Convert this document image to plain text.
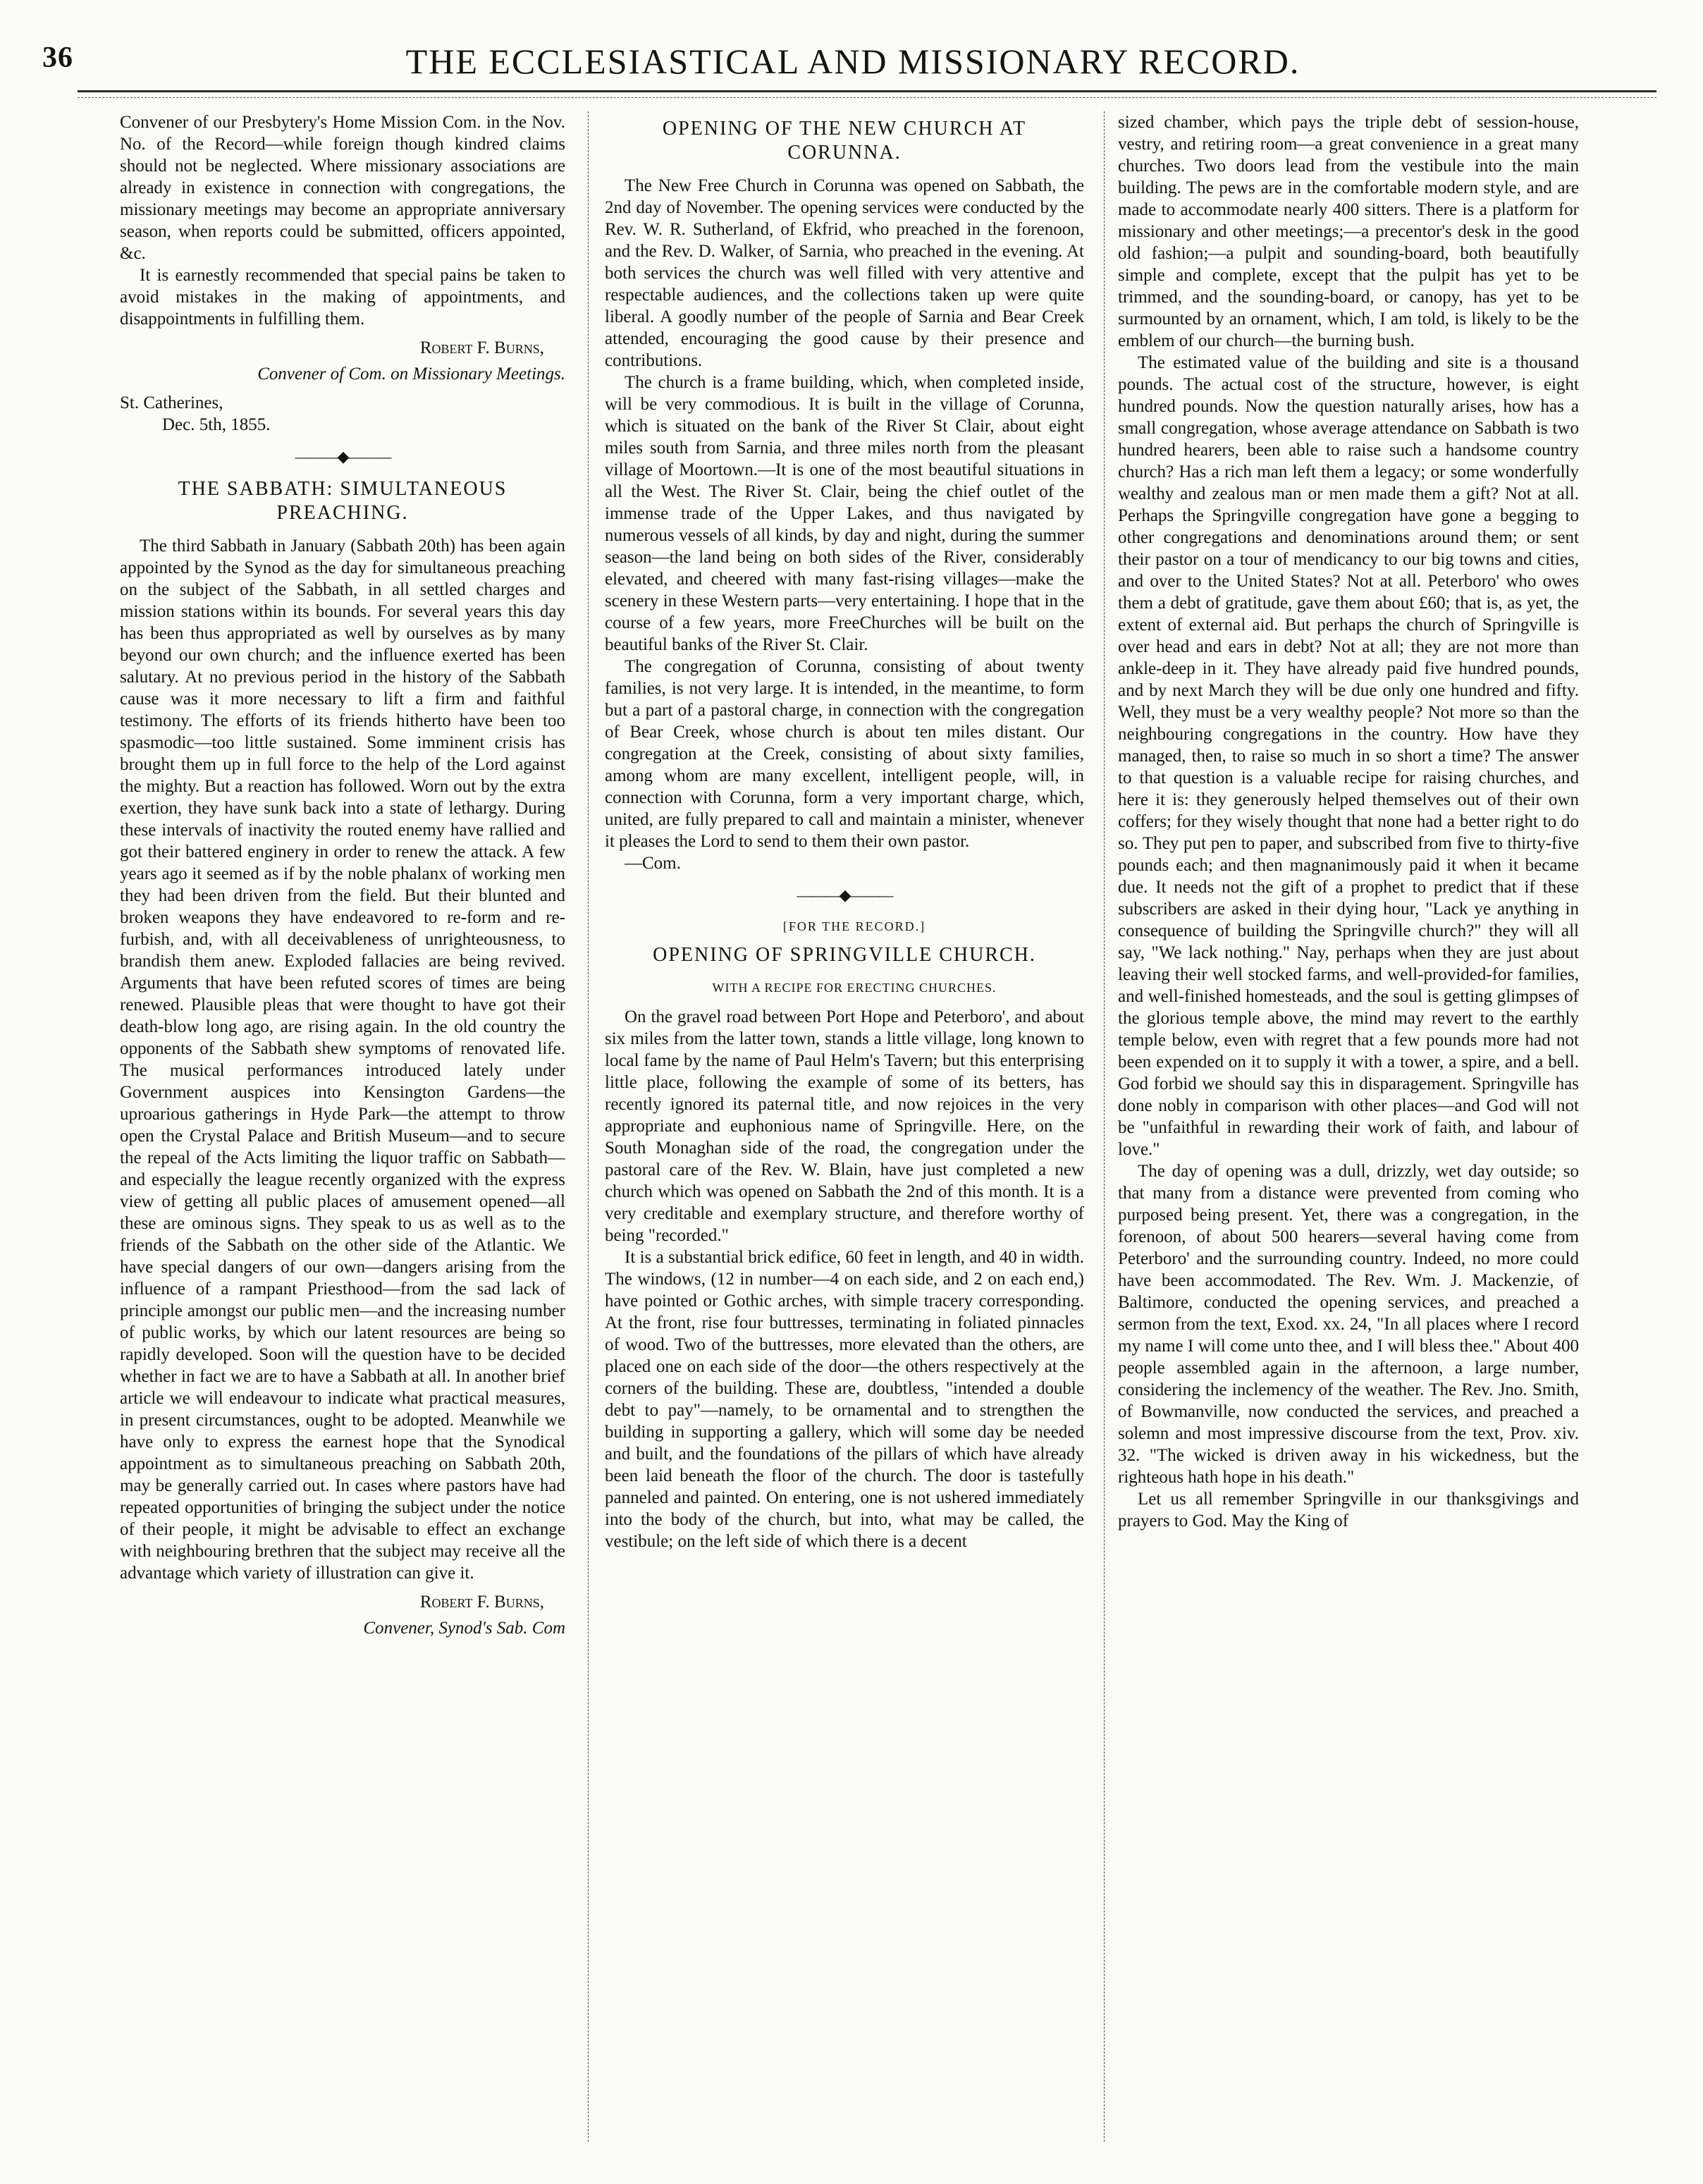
36	THE ECCLESIASTICAL AND MISSIONARY RECORD.

Convener of our Presbytery's Home Mission Com. in the Nov. No. of the Record—while foreign though kindred claims should not be neglected. Where missionary associations are already in existence in connection with congregations, the missionary meetings may become an appropriate anniversary season, when reports could be submitted, officers appointed, &c.

It is earnestly recommended that special pains be taken to avoid mistakes in the making of appointments, and disappointments in fulfilling them.

Robert F. Burns,

Convener of Com. on Missionary Meetings.

St. Catherines,

Dec. 5th, 1855.

———◆———

THE SABBATH: SIMULTANEOUS PREACHING.

The third Sabbath in January (Sabbath 20th) has been again appointed by the Synod as the day for simultaneous preaching on the subject of the Sabbath, in all settled charges and mission stations within its bounds. For several years this day has been thus appropriated as well by ourselves as by many beyond our own church; and the influence exerted has been salutary. At no previous period in the history of the Sabbath cause was it more necessary to lift a firm and faithful testimony. The efforts of its friends hitherto have been too spasmodic—too little sustained. Some imminent crisis has brought them up in full force to the help of the Lord against the mighty. But a reaction has followed. Worn out by the extra exertion, they have sunk back into a state of lethargy. During these intervals of inactivity the routed enemy have rallied and got their battered enginery in order to renew the attack. A few years ago it seemed as if by the noble phalanx of working men they had been driven from the field. But their blunted and broken weapons they have endeavored to re-form and re-furbish, and, with all deceivableness of unrighteousness, to brandish them anew. Exploded fallacies are being revived. Arguments that have been refuted scores of times are being renewed. Plausible pleas that were thought to have got their death-blow long ago, are rising again. In the old country the opponents of the Sabbath shew symptoms of renovated life. The musical performances introduced lately under Government auspices into Kensington Gardens—the uproarious gatherings in Hyde Park—the attempt to throw open the Crystal Palace and British Museum—and to secure the repeal of the Acts limiting the liquor traffic on Sabbath—and especially the league recently organized with the express view of getting all public places of amusement opened—all these are ominous signs. They speak to us as well as to the friends of the Sabbath on the other side of the Atlantic. We have special dangers of our own—dangers arising from the influence of a rampant Priesthood—from the sad lack of principle amongst our public men—and the increasing number of public works, by which our latent resources are being so rapidly developed. Soon will the question have to be decided whether in fact we are to have a Sabbath at all. In another brief article we will endeavour to indicate what practical measures, in present circumstances, ought to be adopted. Meanwhile we have only to express the earnest hope that the Synodical appointment as to simultaneous preaching on Sabbath 20th, may be generally carried out. In cases where pastors have had repeated opportunities of bringing the subject under the notice of their people, it might be advisable to effect an exchange with neighbouring brethren that the subject may receive all the advantage which variety of illustration can give it.

Robert F. Burns,

Convener, Synod's Sab. Com

OPENING OF THE NEW CHURCH AT CORUNNA.

The New Free Church in Corunna was opened on Sabbath, the 2nd day of November. The opening services were conducted by the Rev. W. R. Sutherland, of Ekfrid, who preached in the forenoon, and the Rev. D. Walker, of Sarnia, who preached in the evening. At both services the church was well filled with very attentive and respectable audiences, and the collections taken up were quite liberal. A goodly number of the people of Sarnia and Bear Creek attended, encouraging the good cause by their presence and contributions.

The church is a frame building, which, when completed inside, will be very commodious. It is built in the village of Corunna, which is situated on the bank of the River St Clair, about eight miles south from Sarnia, and three miles north from the pleasant village of Moortown.—It is one of the most beautiful situations in all the West. The River St. Clair, being the chief outlet of the immense trade of the Upper Lakes, and thus navigated by numerous vessels of all kinds, by day and night, during the summer season—the land being on both sides of the River, considerably elevated, and cheered with many fast-rising villages—make the scenery in these Western parts—very entertaining. I hope that in the course of a few years, more FreeChurches will be built on the beautiful banks of the River St. Clair.

The congregation of Corunna, consisting of about twenty families, is not very large. It is intended, in the meantime, to form but a part of a pastoral charge, in connection with the congregation of Bear Creek, whose church is about ten miles distant. Our congregation at the Creek, consisting of about sixty families, among whom are many excellent, intelligent people, will, in connection with Corunna, form a very important charge, which, united, are fully prepared to call and maintain a minister, whenever it pleases the Lord to send to them their own pastor.

—Com.

———◆———

[FOR THE RECORD.]

OPENING OF SPRINGVILLE CHURCH.

WITH A RECIPE FOR ERECTING CHURCHES.

On the gravel road between Port Hope and Peterboro', and about six miles from the latter town, stands a little village, long known to local fame by the name of Paul Helm's Tavern; but this enterprising little place, following the example of some of its betters, has recently ignored its paternal title, and now rejoices in the very appropriate and euphonious name of Springville. Here, on the South Monaghan side of the road, the congregation under the pastoral care of the Rev. W. Blain, have just completed a new church which was opened on Sabbath the 2nd of this month. It is a very creditable and exemplary structure, and therefore worthy of being "recorded."

It is a substantial brick edifice, 60 feet in length, and 40 in width. The windows, (12 in number—4 on each side, and 2 on each end,) have pointed or Gothic arches, with simple tracery corresponding. At the front, rise four buttresses, terminating in foliated pinnacles of wood. Two of the buttresses, more elevated than the others, are placed one on each side of the door—the others respectively at the corners of the building. These are, doubtless, "intended a double debt to pay"—namely, to be ornamental and to strengthen the building in supporting a gallery, which will some day be needed and built, and the foundations of the pillars of which have already been laid beneath the floor of the church. The door is tastefully panneled and painted. On entering, one is not ushered immediately into the body of the church, but into, what may be called, the vestibule; on the left side of which there is a decent

sized chamber, which pays the triple debt of session-house, vestry, and retiring room—a great convenience in a great many churches. Two doors lead from the vestibule into the main building. The pews are in the comfortable modern style, and are made to accommodate nearly 400 sitters. There is a platform for missionary and other meetings;—a precentor's desk in the good old fashion;—a pulpit and sounding-board, both beautifully simple and complete, except that the pulpit has yet to be trimmed, and the sounding-board, or canopy, has yet to be surmounted by an ornament, which, I am told, is likely to be the emblem of our church—the burning bush.

The estimated value of the building and site is a thousand pounds. The actual cost of the structure, however, is eight hundred pounds. Now the question naturally arises, how has a small congregation, whose average attendance on Sabbath is two hundred hearers, been able to raise such a handsome country church? Has a rich man left them a legacy; or some wonderfully wealthy and zealous man or men made them a gift? Not at all. Perhaps the Springville congregation have gone a begging to other congregations and denominations around them; or sent their pastor on a tour of mendicancy to our big towns and cities, and over to the United States? Not at all. Peterboro' who owes them a debt of gratitude, gave them about £60; that is, as yet, the extent of external aid. But perhaps the church of Springville is over head and ears in debt? Not at all; they are not more than ankle-deep in it. They have already paid five hundred pounds, and by next March they will be due only one hundred and fifty. Well, they must be a very wealthy people? Not more so than the neighbouring congregations in the country. How have they managed, then, to raise so much in so short a time? The answer to that question is a valuable recipe for raising churches, and here it is: they generously helped themselves out of their own coffers; for they wisely thought that none had a better right to do so. They put pen to paper, and subscribed from five to thirty-five pounds each; and then magnanimously paid it when it became due. It needs not the gift of a prophet to predict that if these subscribers are asked in their dying hour, "Lack ye anything in consequence of building the Springville church?" they will all say, "We lack nothing." Nay, perhaps when they are just about leaving their well stocked farms, and well-provided-for families, and well-finished homesteads, and the soul is getting glimpses of the glorious temple above, the mind may revert to the earthly temple below, even with regret that a few pounds more had not been expended on it to supply it with a tower, a spire, and a bell. God forbid we should say this in disparagement. Springville has done nobly in comparison with other places—and God will not be "unfaithful in rewarding their work of faith, and labour of love."

The day of opening was a dull, drizzly, wet day outside; so that many from a distance were prevented from coming who purposed being present. Yet, there was a congregation, in the forenoon, of about 500 hearers—several having come from Peterboro' and the surrounding country. Indeed, no more could have been accommodated. The Rev. Wm. J. Mackenzie, of Baltimore, conducted the opening services, and preached a sermon from the text, Exod. xx. 24, "In all places where I record my name I will come unto thee, and I will bless thee." About 400 people assembled again in the afternoon, a large number, considering the inclemency of the weather. The Rev. Jno. Smith, of Bowmanville, now conducted the services, and preached a solemn and most impressive discourse from the text, Prov. xiv. 32. "The wicked is driven away in his wickedness, but the righteous hath hope in his death."

Let us all remember Springville in our thanksgivings and prayers to God. May the King of
